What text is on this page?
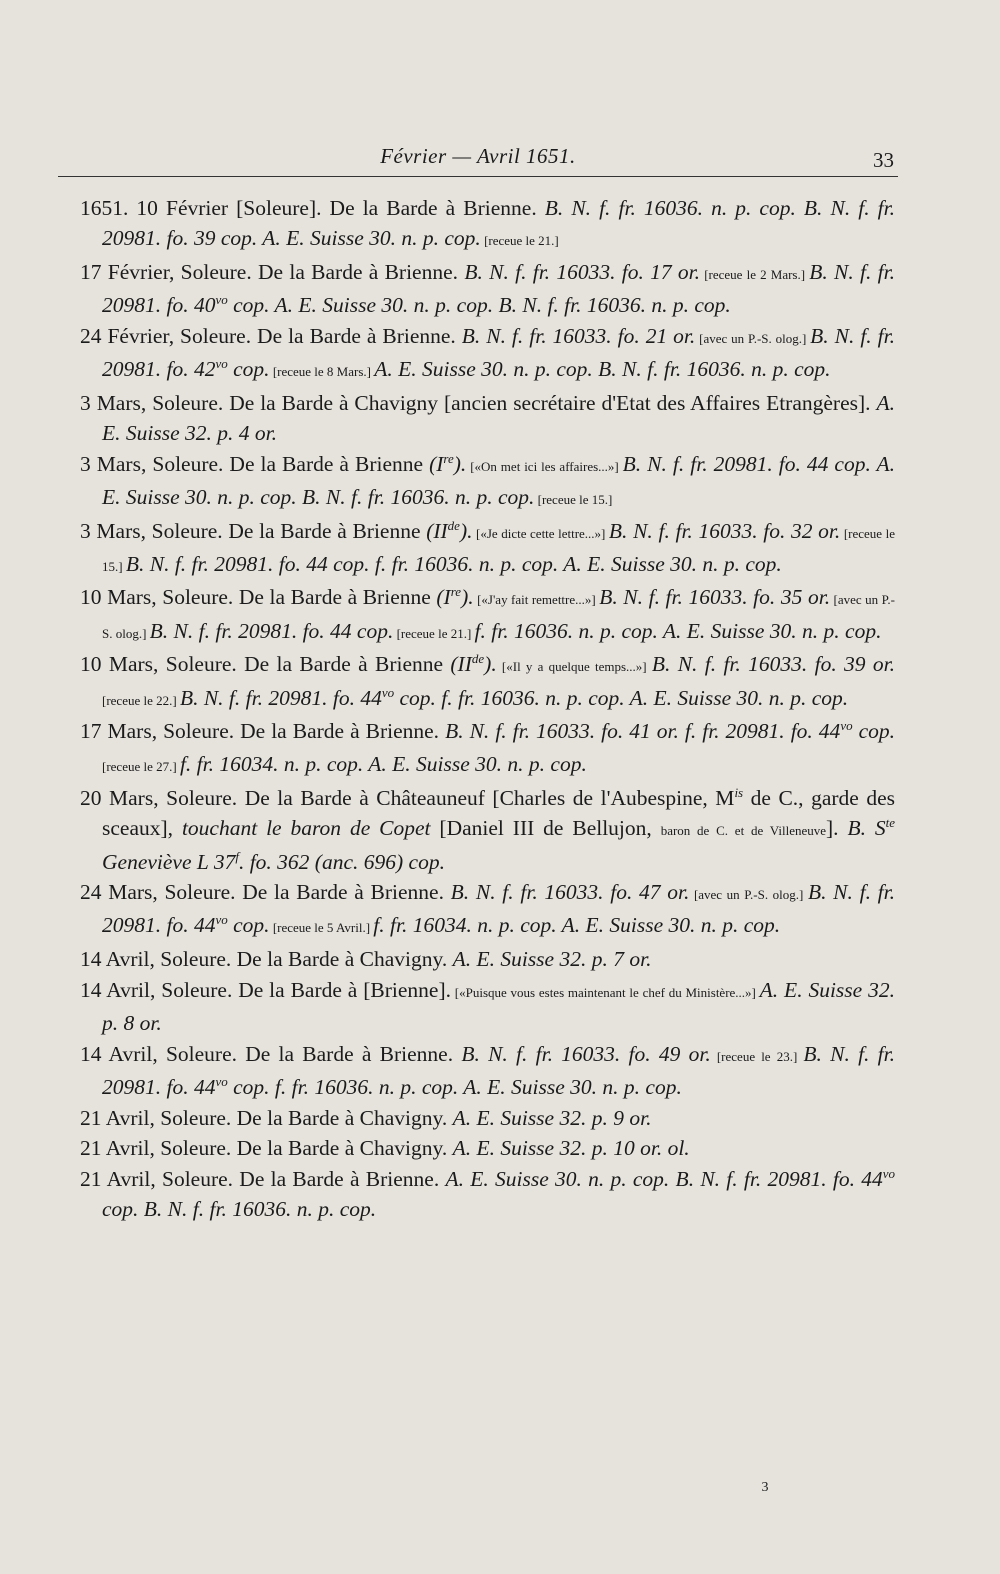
Février — Avril 1651.	33

1651. 10 Février [Soleure]. De la Barde à Brienne. B. N. f. fr. 16036. n. p. cop. B. N. f. fr. 20981. fo. 39 cop. A. E. Suisse 30. n. p. cop. [receue le 21.]

17 Février, Soleure. De la Barde à Brienne. B. N. f. fr. 16033. fo. 17 or. [receue le 2 Mars.] B. N. f. fr. 20981. fo. $40^{vo}$ cop. A. E. Suisse 30. n. p. cop. B. N. f. fr. 16036. n. p. cop.

24 Février, Soleure. De la Barde à Brienne. B. N. f. fr. 16033. fo. 21 or. [avec un P.-S. olog.] B. N. f. fr. 20981. fo. $42^{vo}$ cop. [receue le 8 Mars.] A. E. Suisse 30. n. p. cop. B. N. f. fr. 16036. n. p. cop.

3 Mars, Soleure. De la Barde à Chavigny [ancien secrétaire d'Etat des Affaires Etrangères]. A. E. Suisse 32. p. 4 or.

3 Mars, Soleure. De la Barde à Brienne (Ire). [«On met ici les affaires...»] B. N. f. fr. 20981. fo. 44 cop. A. E. Suisse 30. n. p. cop. B. N. f. fr. 16036. n. p. cop. [receue le 15.]

3 Mars, Soleure. De la Barde à Brienne (IIde). [«Je dicte cette lettre...»] B. N. f. fr. 16033. fo. 32 or. [receue le 15.] B. N. f. fr. 20981. fo. 44 cop. f. fr. 16036. n. p. cop. A. E. Suisse 30. n. p. cop.

10 Mars, Soleure. De la Barde à Brienne (Ire). [«J'ay fait remettre...»] B. N. f. fr. 16033. fo. 35 or. [avec un P.-S. olog.] B. N. f. fr. 20981. fo. 44 cop. [receue le 21.] f. fr. 16036. n. p. cop. A. E. Suisse 30. n. p. cop.

10 Mars, Soleure. De la Barde à Brienne (IIde). [«Il y a quelque temps...»] B. N. f. fr. 16033. fo. 39 or. [receue le 22.] B. N. f. fr. 20981. fo. $44^{vo}$ cop. f. fr. 16036. n. p. cop. A. E. Suisse 30. n. p. cop.

17 Mars, Soleure. De la Barde à Brienne. B. N. f. fr. 16033. fo. 41 or. f. fr. 20981. fo. $44^{vo}$ cop. [receue le 27.] f. fr. 16034. n. p. cop. A. E. Suisse 30. n. p. cop.

20 Mars, Soleure. De la Barde à Châteauneuf [Charles de l'Aubespine, $M^{is}$ de C., garde des sceaux], touchant le baron de Copet [Daniel III de Bellujon, baron de C. et de Villeneuve]. B. $S^{te}$ Geneviève L 37$^f$. fo. 362 (anc. 696) cop.

24 Mars, Soleure. De la Barde à Brienne. B. N. f. fr. 16033. fo. 47 or. [avec un P.-S. olog.] B. N. f. fr. 20981. fo. $44^{vo}$ cop. [receue le 5 Avril.] f. fr. 16034. n. p. cop. A. E. Suisse 30. n. p. cop.

14 Avril, Soleure. De la Barde à Chavigny. A. E. Suisse 32. p. 7 or.

14 Avril, Soleure. De la Barde à [Brienne]. [«Puisque vous estes maintenant le chef du Ministère...»] A. E. Suisse 32. p. 8 or.

14 Avril, Soleure. De la Barde à Brienne. B. N. f. fr. 16033. fo. 49 or. [receue le 23.] B. N. f. fr. 20981. fo. $44^{vo}$ cop. f. fr. 16036. n. p. cop. A. E. Suisse 30. n. p. cop.

21 Avril, Soleure. De la Barde à Chavigny. A. E. Suisse 32. p. 9 or.

21 Avril, Soleure. De la Barde à Chavigny. A. E. Suisse 32. p. 10 or. ol.

21 Avril, Soleure. De la Barde à Brienne. A. E. Suisse 30. n. p. cop. B. N. f. fr. 20981. fo. $44^{vo}$ cop. B. N. f. fr. 16036. n. p. cop.

3
